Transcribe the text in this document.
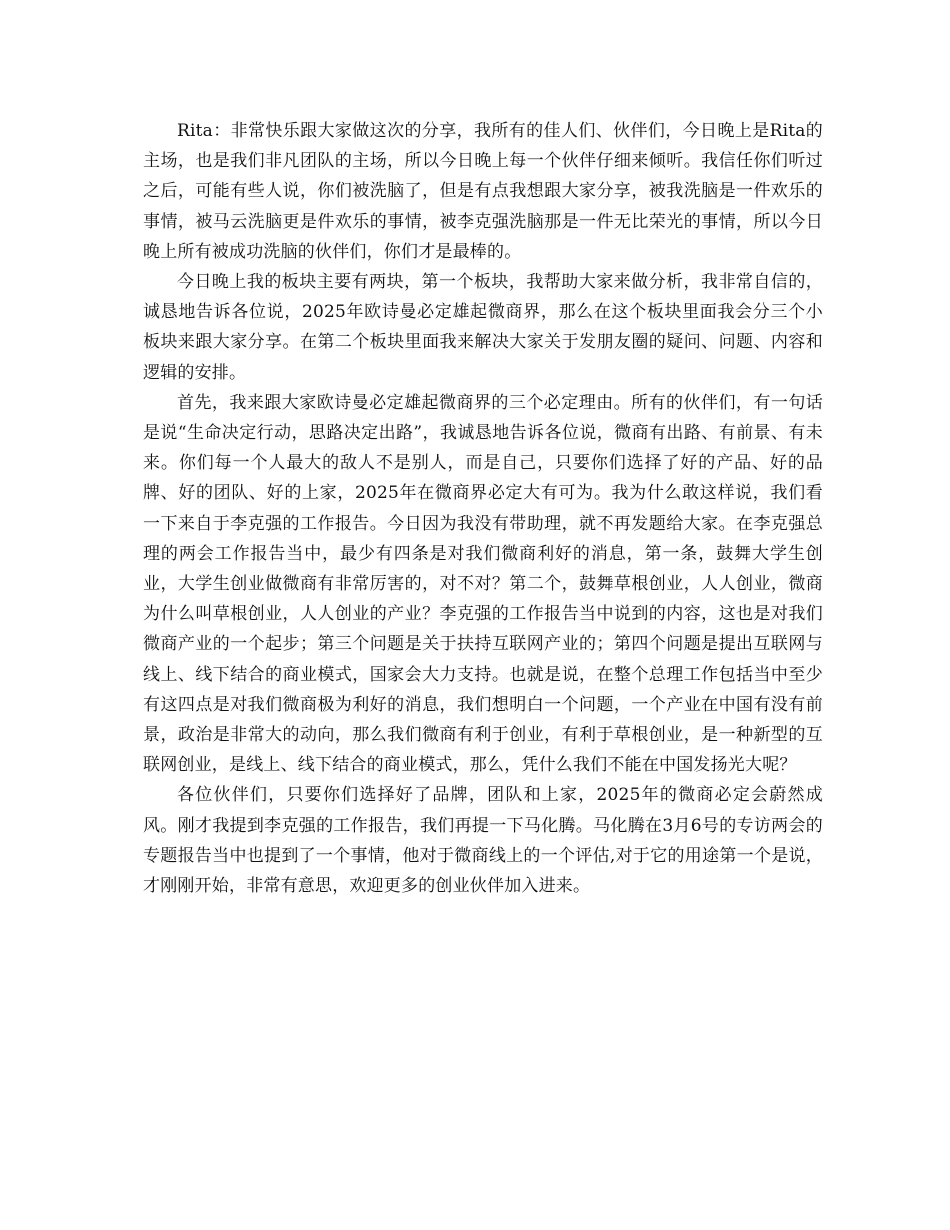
Rita：非常快乐跟大家做这次的分享，我所有的佳人们、伙伴们，今日晚上是Rita的主场，也是我们非凡团队的主场，所以今日晚上每一个伙伴仔细来倾听。我信任你们听过之后，可能有些人说，你们被洗脑了，但是有点我想跟大家分享，被我洗脑是一件欢乐的事情，被马云洗脑更是件欢乐的事情，被李克强洗脑那是一件无比荣光的事情，所以今日晚上所有被成功洗脑的伙伴们，你们才是最棒的。

今日晚上我的板块主要有两块，第一个板块，我帮助大家来做分析，我非常自信的，诚恳地告诉各位说，2025年欧诗曼必定雄起微商界，那么在这个板块里面我会分三个小板块来跟大家分享。在第二个板块里面我来解决大家关于发朋友圈的疑问、问题、内容和逻辑的安排。

首先，我来跟大家欧诗曼必定雄起微商界的三个必定理由。所有的伙伴们，有一句话是说“生命决定行动，思路决定出路”，我诚恳地告诉各位说，微商有出路、有前景、有未来。你们每一个人最大的敌人不是别人，而是自己，只要你们选择了好的产品、好的品牌、好的团队、好的上家，2025年在微商界必定大有可为。我为什么敢这样说，我们看一下来自于李克强的工作报告。今日因为我没有带助理，就不再发题给大家。在李克强总理的两会工作报告当中，最少有四条是对我们微商利好的消息，第一条，鼓舞大学生创业，大学生创业做微商有非常厉害的，对不对？第二个，鼓舞草根创业，人人创业，微商为什么叫草根创业，人人创业的产业？李克强的工作报告当中说到的内容，这也是对我们微商产业的一个起步；第三个问题是关于扶持互联网产业的；第四个问题是提出互联网与线上、线下结合的商业模式，国家会大力支持。也就是说，在整个总理工作包括当中至少有这四点是对我们微商极为利好的消息，我们想明白一个问题，一个产业在中国有没有前景，政治是非常大的动向，那么我们微商有利于创业，有利于草根创业，是一种新型的互联网创业，是线上、线下结合的商业模式，那么，凭什么我们不能在中国发扬光大呢？

各位伙伴们，只要你们选择好了品牌，团队和上家，2025年的微商必定会蔚然成风。刚才我提到李克强的工作报告，我们再提一下马化腾。马化腾在3月6号的专访两会的专题报告当中也提到了一个事情，他对于微商线上的一个评估,对于它的用途第一个是说，才刚刚开始，非常有意思，欢迎更多的创业伙伴加入进来。
